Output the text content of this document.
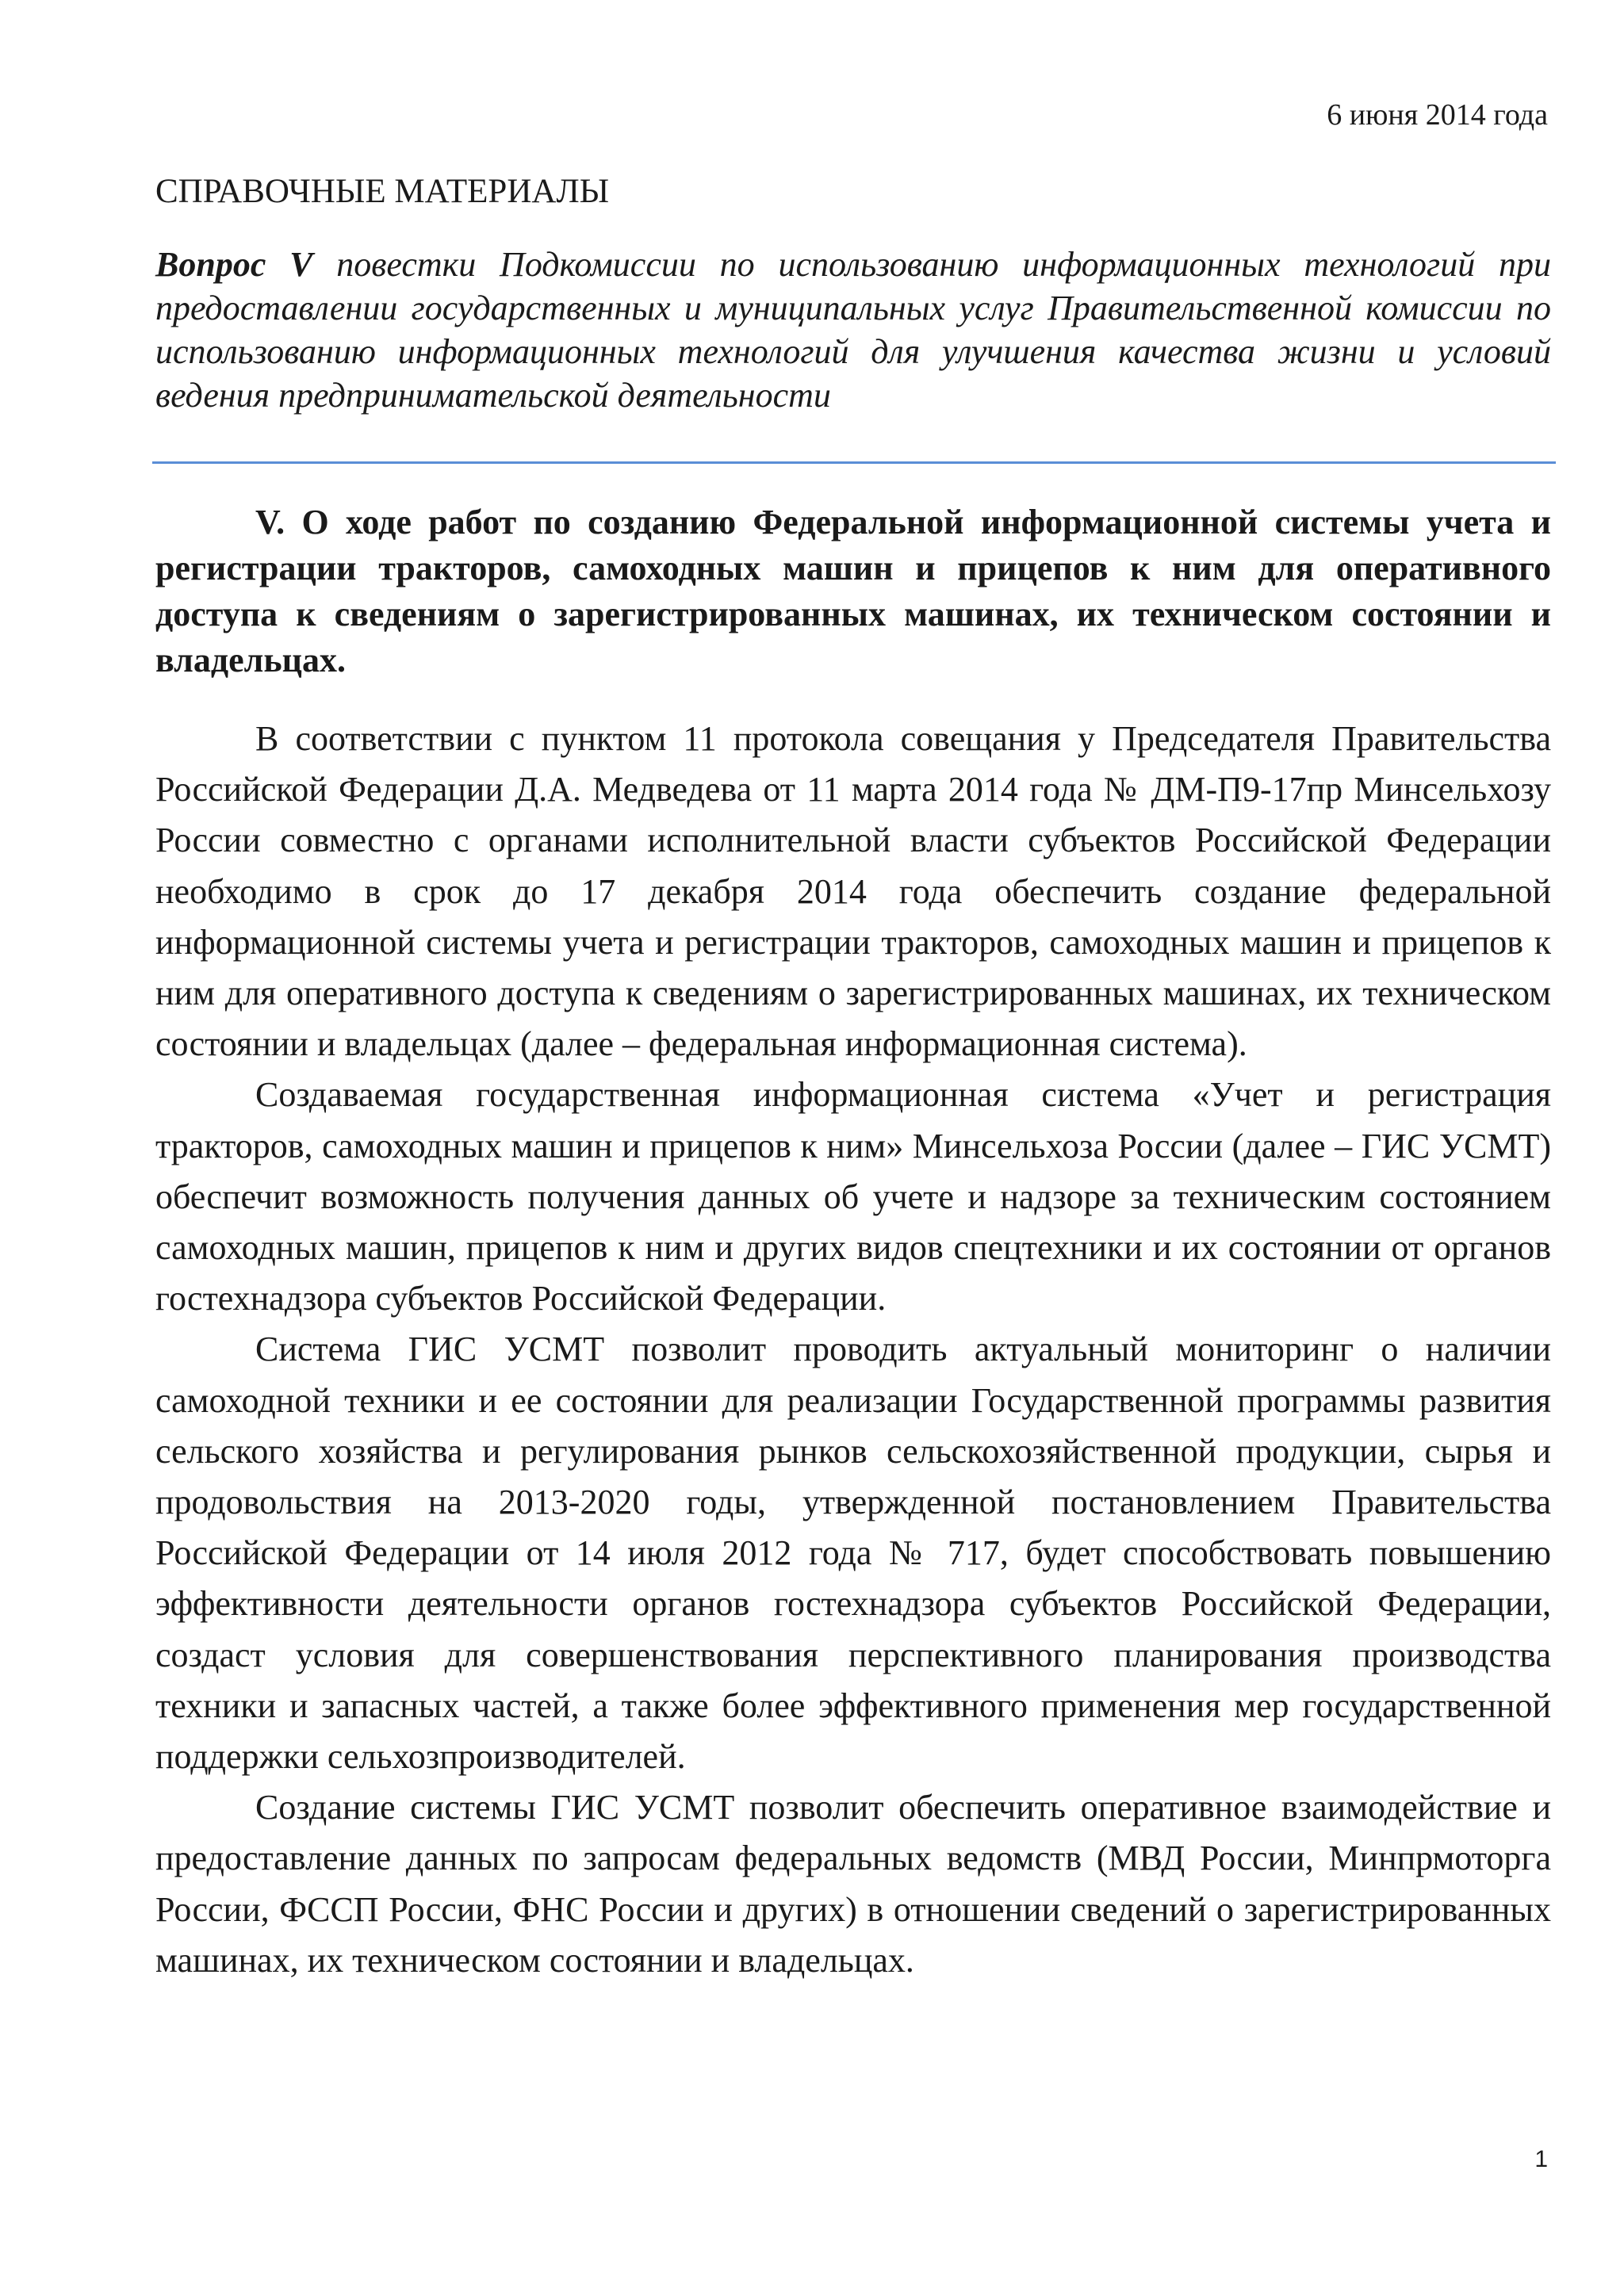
6 июня 2014 года

СПРАВОЧНЫЕ МАТЕРИАЛЫ

Вопрос V повестки Подкомиссии по использованию информационных технологий при предоставлении государственных и муниципальных услуг Правительственной комиссии по использованию информационных технологий для улучшения качества жизни и условий ведения предпринимательской деятельности

V. О ходе работ по созданию Федеральной информационной системы учета и регистрации тракторов, самоходных машин и прицепов к ним для оперативного доступа к сведениям о зарегистрированных машинах, их техническом состоянии и владельцах.

В соответствии с пунктом 11 протокола совещания у Председателя Правительства Российской Федерации Д.А. Медведева от 11 марта 2014 года № ДМ-П9-17пр Минсельхозу России совместно с органами исполнительной власти субъектов Российской Федерации необходимо в срок до 17 декабря 2014 года обеспечить создание федеральной информационной системы учета и регистрации тракторов, самоходных машин и прицепов к ним для оперативного доступа к сведениям о зарегистрированных машинах, их техническом состоянии и владельцах (далее – федеральная информационная система).

Создаваемая государственная информационная система «Учет и регистрация тракторов, самоходных машин и прицепов к ним» Минсельхоза России (далее – ГИС УСМТ) обеспечит возможность получения данных об учете и надзоре за техническим состоянием самоходных машин, прицепов к ним и других видов спецтехники и их состоянии от органов гостехнадзора субъектов Российской Федерации.

Система ГИС УСМТ позволит проводить актуальный мониторинг о наличии самоходной техники и ее состоянии для реализации Государственной программы развития сельского хозяйства и регулирования рынков сельскохозяйственной продукции, сырья и продовольствия на 2013-2020 годы, утвержденной постановлением Правительства Российской Федерации от 14 июля 2012 года № 717, будет способствовать повышению эффективности деятельности органов гостехнадзора субъектов Российской Федерации, создаст условия для совершенствования перспективного планирования производства техники и запасных частей, а также более эффективного применения мер государственной поддержки сельхозпроизводителей.

Создание системы ГИС УСМТ позволит обеспечить оперативное взаимодействие и предоставление данных по запросам федеральных ведомств (МВД России, Минпрмоторга России, ФССП России, ФНС России и других) в отношении сведений о зарегистрированных машинах, их техническом состоянии и владельцах.

1
